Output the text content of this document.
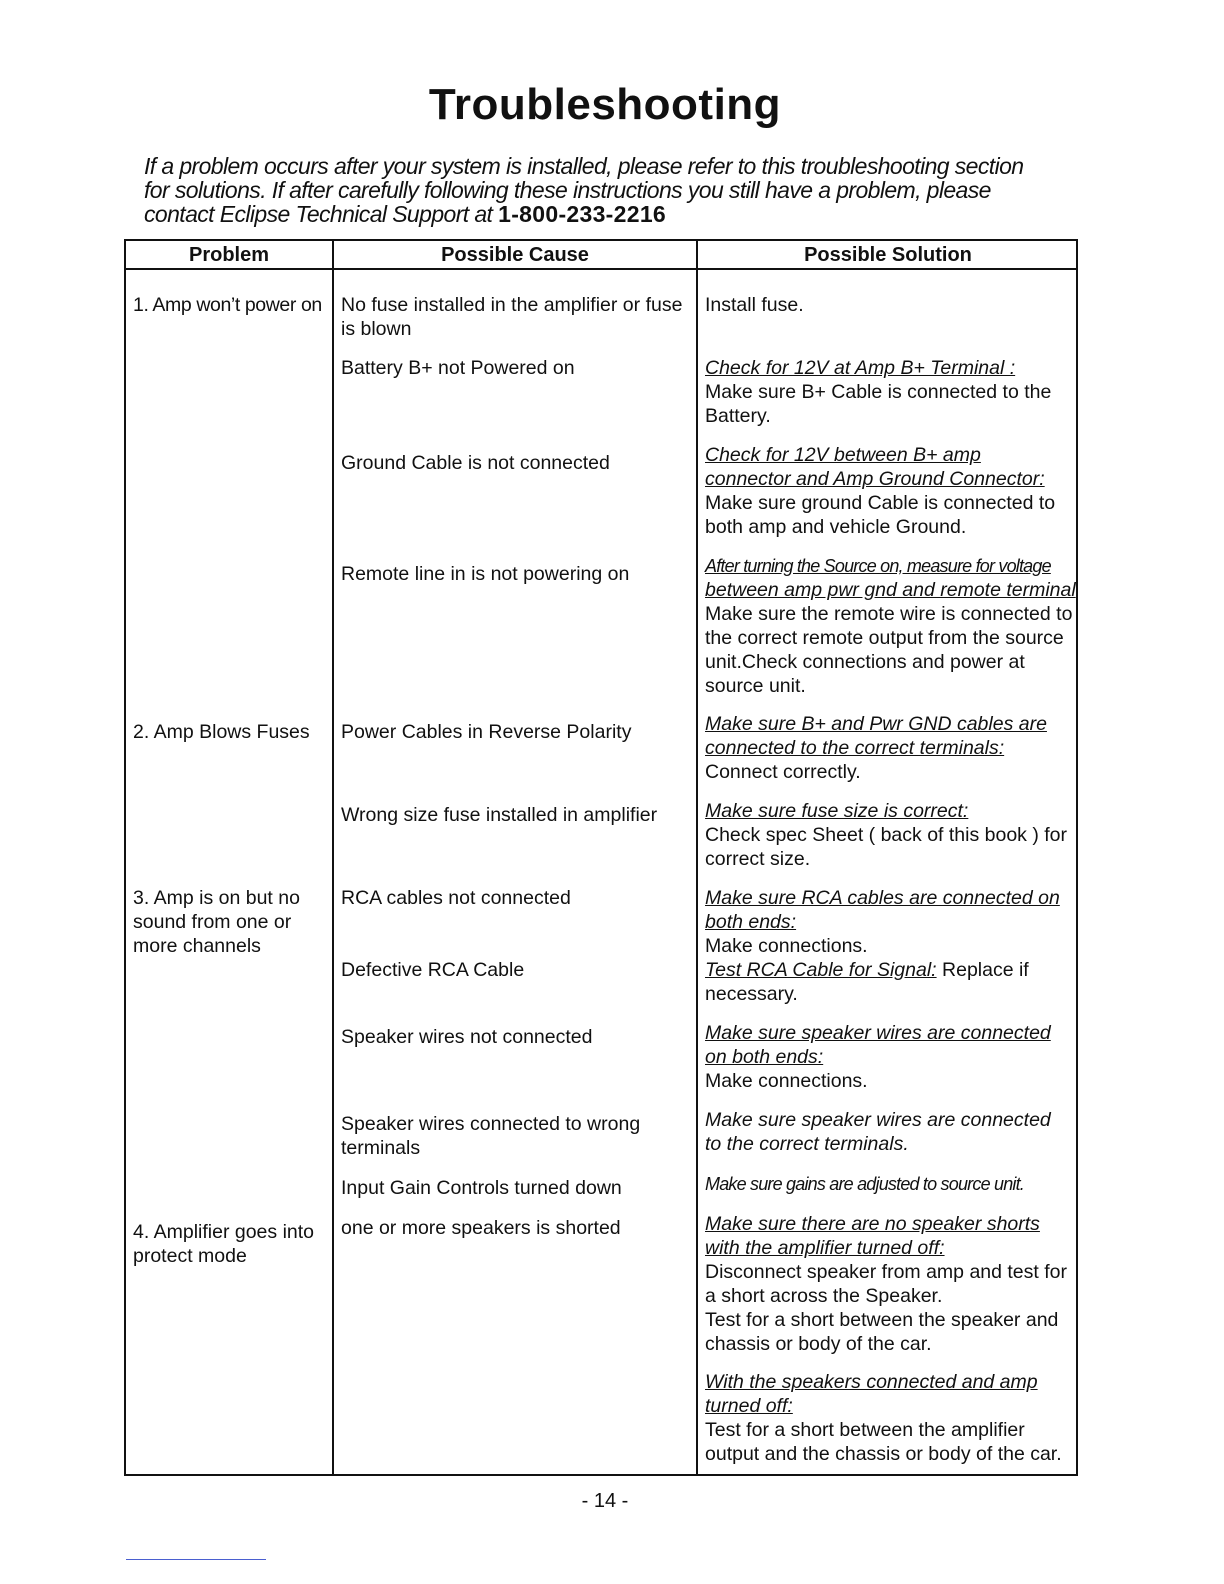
Troubleshooting
If a problem occurs after your system is installed, please refer to this troubleshooting section
for solutions. If after carefully following these instructions you still have a problem, please
contact Eclipse Technical Support at 1-800-233-2216
Problem	Possible Cause	Possible Solution
1. Amp won’t power on
2. Amp Blows Fuses
3. Amp is on but no
sound from one or
more channels
4. Amplifier goes into
protect mode
No fuse installed in the amplifier or fuse
is blown
Battery B+ not Powered on
Ground Cable is not connected
Remote line in is not powering on
Power Cables in Reverse Polarity
Wrong size fuse installed in amplifier
RCA cables not connected
Defective RCA Cable
Speaker wires not connected
Speaker wires connected to wrong
terminals
Input Gain Controls turned down
one or more speakers is shorted
Install fuse.
Check for 12V at Amp B+ Terminal :
Make sure B+ Cable is connected to the
Battery.
Check for 12V between B+ amp
connector and Amp Ground Connector:
Make sure ground Cable is connected to
both amp and vehicle Ground.
After turning the Source on, measure for voltage
between amp pwr gnd and remote terminal
Make sure the remote wire is connected to
the correct remote output from the source
unit.Check connections and power at
source unit.
Make sure B+ and Pwr GND cables are
connected to the correct terminals:
Connect correctly.
Make sure fuse size is correct:
Check spec Sheet ( back of this book ) for
correct size.
Make sure RCA cables are connected on
both ends:
Make connections.
Test RCA Cable for Signal: Replace if
necessary.
Make sure speaker wires are connected
on both ends:
Make connections.
Make sure speaker wires are connected
to the correct terminals.
Make sure gains are adjusted to source unit.
Make sure there are no speaker shorts
with the amplifier turned off:
Disconnect speaker from amp and test for
a short across the Speaker.
Test for a short between the speaker and
chassis or body of the car.
With the speakers connected and amp
turned off:
Test for a short between the amplifier
output and the chassis or body of the car.
- 14 -
